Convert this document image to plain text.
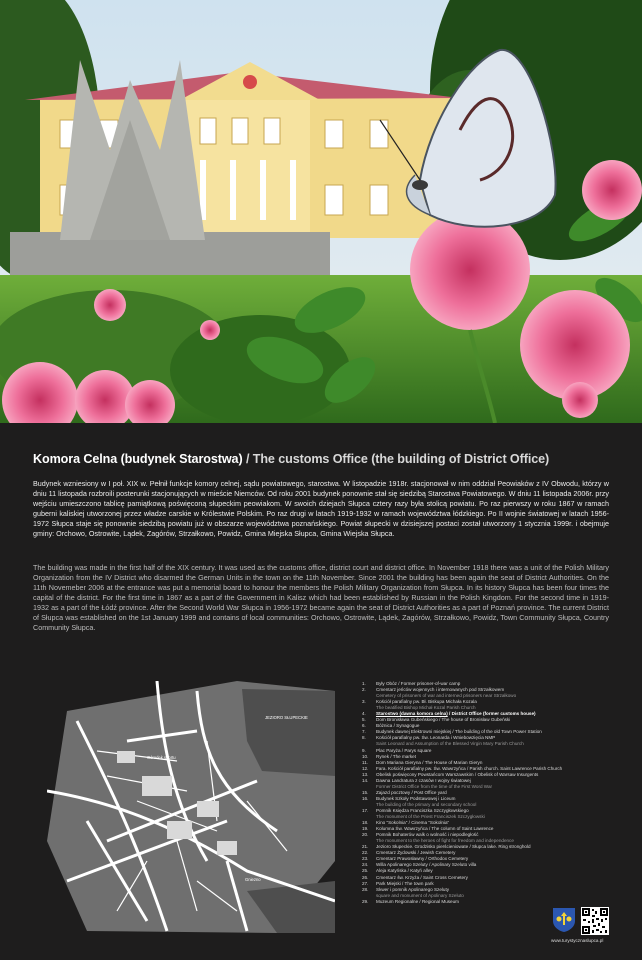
Komora Celna (budynek Starostwa) / The customs Office (the building of District Office)

Budynek wzniesiony w I poł. XIX w. Pełnił funkcje komory celnej, sądu powiatowego, starostwa. W listopadzie 1918r. stacjonował w nim oddział Peowiaków z IV Obwodu, którzy w dniu 11 listopada rozbroili posterunki stacjonujących w mieście Niemców. Od roku 2001 budynek ponownie stał się siedzibą Starostwa Powiatowego. W dniu 11 listopada 2006r. przy wejściu umieszczono tablicę pamiątkową poświęconą słupeckim peowiakom. W swoich dziejach Słupca cztery razy była stolicą powiatu. Po raz pierwszy w roku 1867 w ramach guberni kaliskiej utworzonej przez władze carskie w Królestwie Polskim. Po raz drugi w latach 1919-1932 w ramach województwa łódzkiego. Po II wojnie światowej w latach 1956-1972 Słupca staje się ponownie siedzibą powiatu już w obszarze województwa poznańskiego. Powiat słupecki w dzisiejszej postaci został utworzony 1 stycznia 1999r. i obejmuje gminy: Orchowo, Ostrowite, Lądek, Zagórów, Strzałkowo, Powidz, Gmina Miejska Słupca, Gmina Wiejska Słupca.

The building was made in the first half of the XIX century. It was used as the customs office, district court and district office. In November 1918 there was a unit of the Polish Military Organization from the IV District who disarmed the German Units in the town on the 11th November. Since 2001 the building has been again the seat of District Authorities. On the 11th Novemeber 2006 at the entrance was put a memorial board to honour the members the Polish Military Organization from Słupca. In its history Słupca has been four times the capital of the district. For the first time in 1867 as a part of the Government in Kalisz which had been established by Russian in the Polish Kingdom. For the second time in 1919-1932 as a part of the Łódź province. After the Second World War Słupca in 1956-1972 became again the seat of District Authorities as a part of Poznań province. The current District of Słupca was established on the 1st January 1999 and contains of local communities: Orchowo, Ostrowite, Lądek, Zagórów, Strzałkowo, Powidz, Town Community Słupca, Country Community Słupca.

JEZIORO SŁUPECKIE
Ośrodek sportu
Gniezno
1. Były Obóz / Former prisoner-of-war camp
2. Cmentarz jeńców wojennych i internowanych pod Strzałkowem
Cemetery of prisoners of war and interned prisoners near Strzałkowo
3. Kościół parafialny pw. Bł. Biskupa Michała Kozala
The beatified Bishop Michał Kozal Parish Church
4. Starostwo (dawna komora celna) / District Office (former customs house)
5. Dom Bronisława Gubeńskiego / The house of Bronisław Gubeński
6. Bóżnica / Synagogue
7. Budynek dawnej Elektrowni miejskiej / The building of the old Town Power Station
8. Kościół parafialny pw. Św. Leonarda i Wniebowzięcia NMP
Saint Leonard and Assumption of the Blessed Virgin Mary Parish Church
9. Plac Paryża / Parys square
10. Rynek / The market
11. Dom Mariana Gieryna / The House of Marian Gieryn
12. Fara. Kościół parafialny pw. Św. Wawrzyńca / Parish church. Saint Lawrence Parish Church
13. Obelisk poświęcony Powstańcom Warszawskim / Obelisk of Warsaw Insurgents
14. Dawna Landratura z czasów I wojny światowej
Former District Office from the time of the First Word War
15. Zajazd pocztowy / Post Office yard
16. Budynek Szkoły Podstawowej i Liceum
The building of the primary and secondary school
17. Pomnik Księdza Franciszka Szczygłowskiego
The monument of the Priest Franciszek Szczygłowski
18. Kino "Sokolnia" / Cinema "Sokolnia"
19. Kolumna Św. Wawrzyńca / The column of Saint Lawrence
20. Pomnik Bohaterów walk o wolność i niepodległość
The monument to the heroes of fight for freedom and independence
21. Jezioro Słupeckie. Grodzisko pierścieniowate / Słupca lake. Ring stronghold
22. Cmentarz Żydowski / Jewish Cemetery
23. Cmentarz Prawosławny / Orthodox Cemetery
24. Willa Apolinarego Szeluty / Apolinary Szeluto villa
25. Aleja Katyńska / Katyń alley
26. Cmentarz św. Krzyża / Saint Cross Cemetery
27. Park Miejski / The town park
28. Skwer i pomnik Apolinarego Szeluty
square and monument of Apolinary Szeluto
29. Muzeum Regionalne / Regional Museum
www.turystycznaslupca.pl
